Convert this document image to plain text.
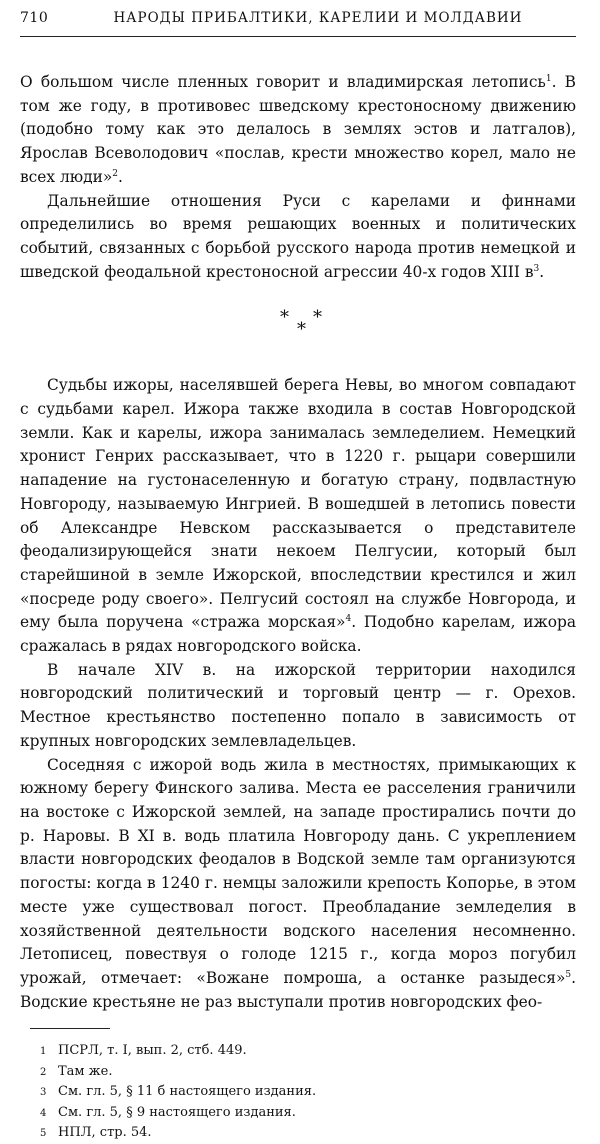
710	НАРОДЫ ПРИБАЛТИКИ, КАРЕЛИИ И МОЛДАВИИ

О большом числе пленных говорит и владимирская летопись$^1$. В том же году, в противовес шведскому крестоносному движению (подобно тому как это делалось в землях эстов и латгалов), Ярослав Всеволодович «послав, крести множество корел, мало не всех люди»$^2$.

Дальнейшие отношения Руси с карелами и финнами определились во время решающих военных и политических событий, связанных с борьбой русского народа против немецкой и шведской феодальной крестоносной агрессии 40-х годов XIII $в^3$.

*
*
*

Судьбы ижоры, населявшей берега Невы, во многом совпадают с судьбами карел. Ижора также входила в состав Новгородской земли. Как и карелы, ижора занималась земледелием. Немецкий хронист Генрих рассказывает, что в 1220 г. рыцари совершили нападение на густонаселенную и богатую страну, подвластную Новгороду, называемую Ингрией. В вошедшей в летопись повести об Александре Невском рассказывается о представителе феодализирующейся знати некоем Пелгусии, который был старейшиной в земле Ижорской, впоследствии крестился и жил «посреде роду своего». Пелгусий состоял на службе Новгорода, и ему была поручена «стража морская»$^4$. Подобно карелам, ижора сражалась в рядах новгородского войска.

В начале XIV в. на ижорской территории находился новгородский политический и торговый центр — г. Орехов. Местное крестьянство постепенно попало в зависимость от крупных новгородских землевладельцев.

Соседняя с ижорой водь жила в местностях, примыкающих к южному берегу Финского залива. Места ее расселения граничили на востоке с Ижорской землей, на западе простирались почти до р. Наровы. В XI в. водь платила Новгороду дань. С укреплением власти новгородских феодалов в Водской земле там организуются погосты: когда в 1240 г. немцы заложили крепость Копорье, в этом месте уже существовал погост. Преобладание земледелия в хозяйственной деятельности водского населения несомненно. Летописец, повествуя о голоде 1215 г., когда мороз погубил урожай, отмечает: «Вожане помроша, а останке разыдеся»$^5$. Водские крестьяне не раз выступали против новгородских фео-

1 ПСРЛ, т. I, вып. 2, стб. 449.
2 Там же.
3 См. гл. 5, § 11 б настоящего издания.
4 См. гл. 5, § 9 настоящего издания.
5 НПЛ, стр. 54.
